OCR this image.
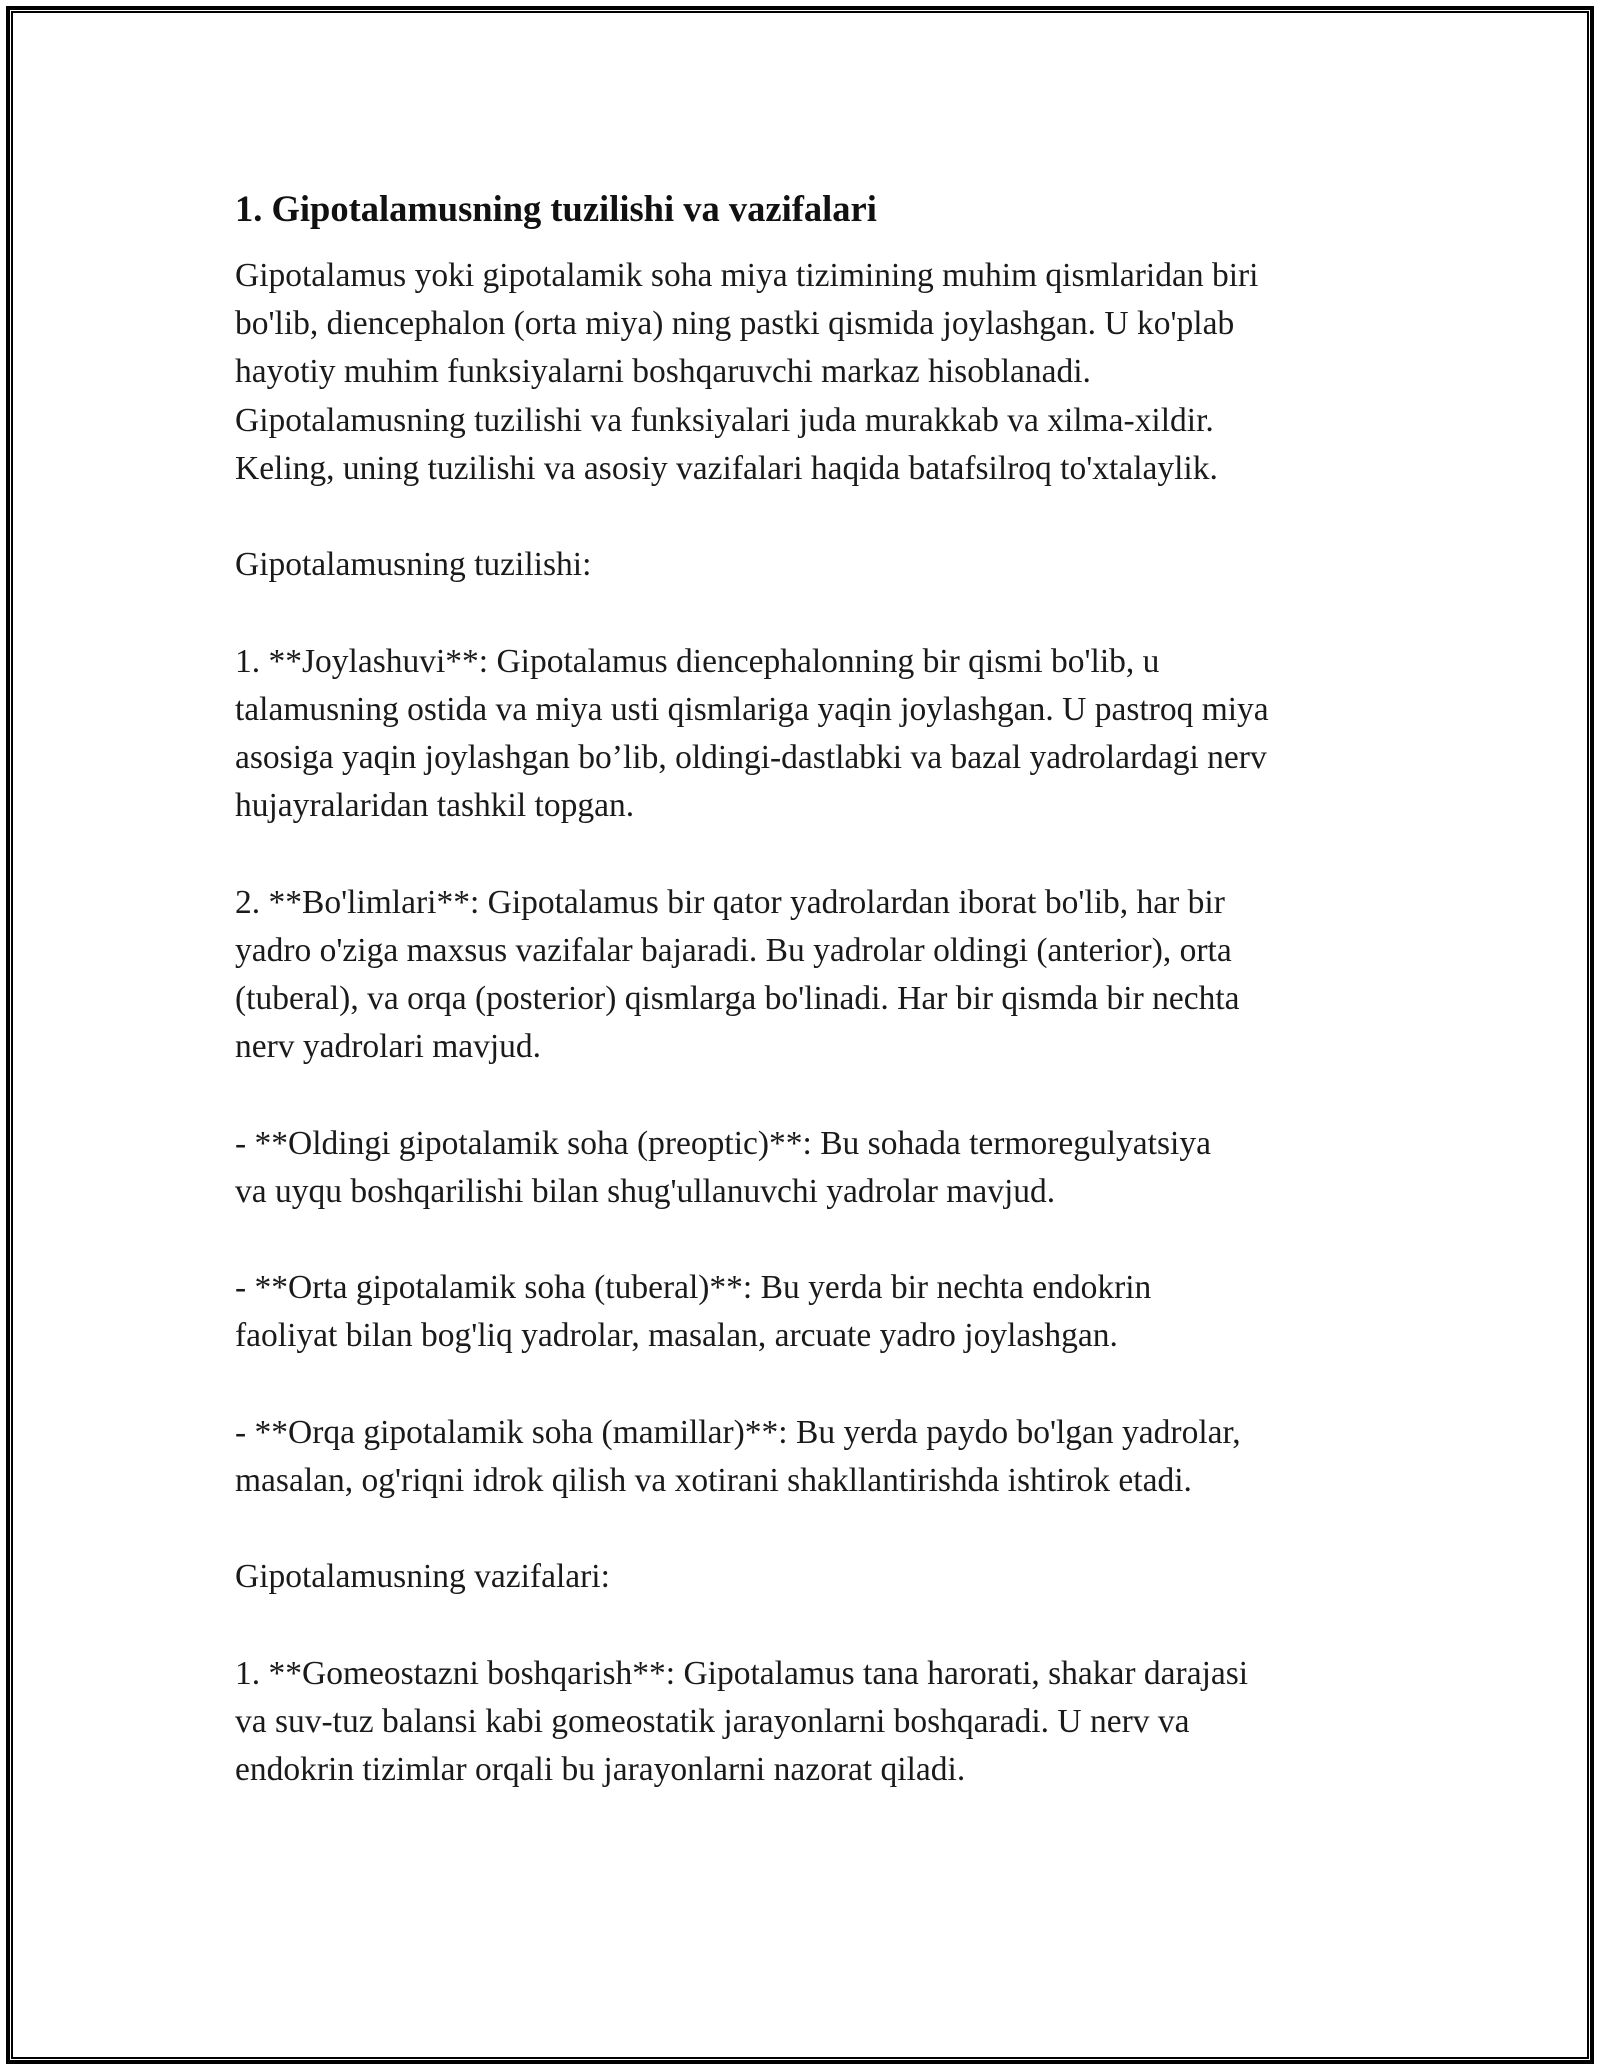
1. Gipotalamusning tuzilishi va vazifalari

Gipotalamus yoki gipotalamik soha miya tizimining muhim qismlaridan biri
bo'lib, diencephalon (orta miya) ning pastki qismida joylashgan. U ko'plab
hayotiy muhim funksiyalarni boshqaruvchi markaz hisoblanadi.
Gipotalamusning tuzilishi va funksiyalari juda murakkab va xilma-xildir.
Keling, uning tuzilishi va asosiy vazifalari haqida batafsilroq to'xtalaylik.

Gipotalamusning tuzilishi:

1. **Joylashuvi**: Gipotalamus diencephalonning bir qismi bo'lib, u
talamusning ostida va miya usti qismlariga yaqin joylashgan. U pastroq miya
asosiga yaqin joylashgan bo’lib, oldingi-dastlabki va bazal yadrolardagi nerv
hujayralaridan tashkil topgan.

2. **Bo'limlari**: Gipotalamus bir qator yadrolardan iborat bo'lib, har bir
yadro o'ziga maxsus vazifalar bajaradi. Bu yadrolar oldingi (anterior), orta
(tuberal), va orqa (posterior) qismlarga bo'linadi. Har bir qismda bir nechta
nerv yadrolari mavjud.

- **Oldingi gipotalamik soha (preoptic)**: Bu sohada termoregulyatsiya
va uyqu boshqarilishi bilan shug'ullanuvchi yadrolar mavjud.

- **Orta gipotalamik soha (tuberal)**: Bu yerda bir nechta endokrin
faoliyat bilan bog'liq yadrolar, masalan, arcuate yadro joylashgan.

- **Orqa gipotalamik soha (mamillar)**: Bu yerda paydo bo'lgan yadrolar,
masalan, og'riqni idrok qilish va xotirani shakllantirishda ishtirok etadi.

Gipotalamusning vazifalari:

1. **Gomeostazni boshqarish**: Gipotalamus tana harorati, shakar darajasi
va suv-tuz balansi kabi gomeostatik jarayonlarni boshqaradi. U nerv va
endokrin tizimlar orqali bu jarayonlarni nazorat qiladi.
